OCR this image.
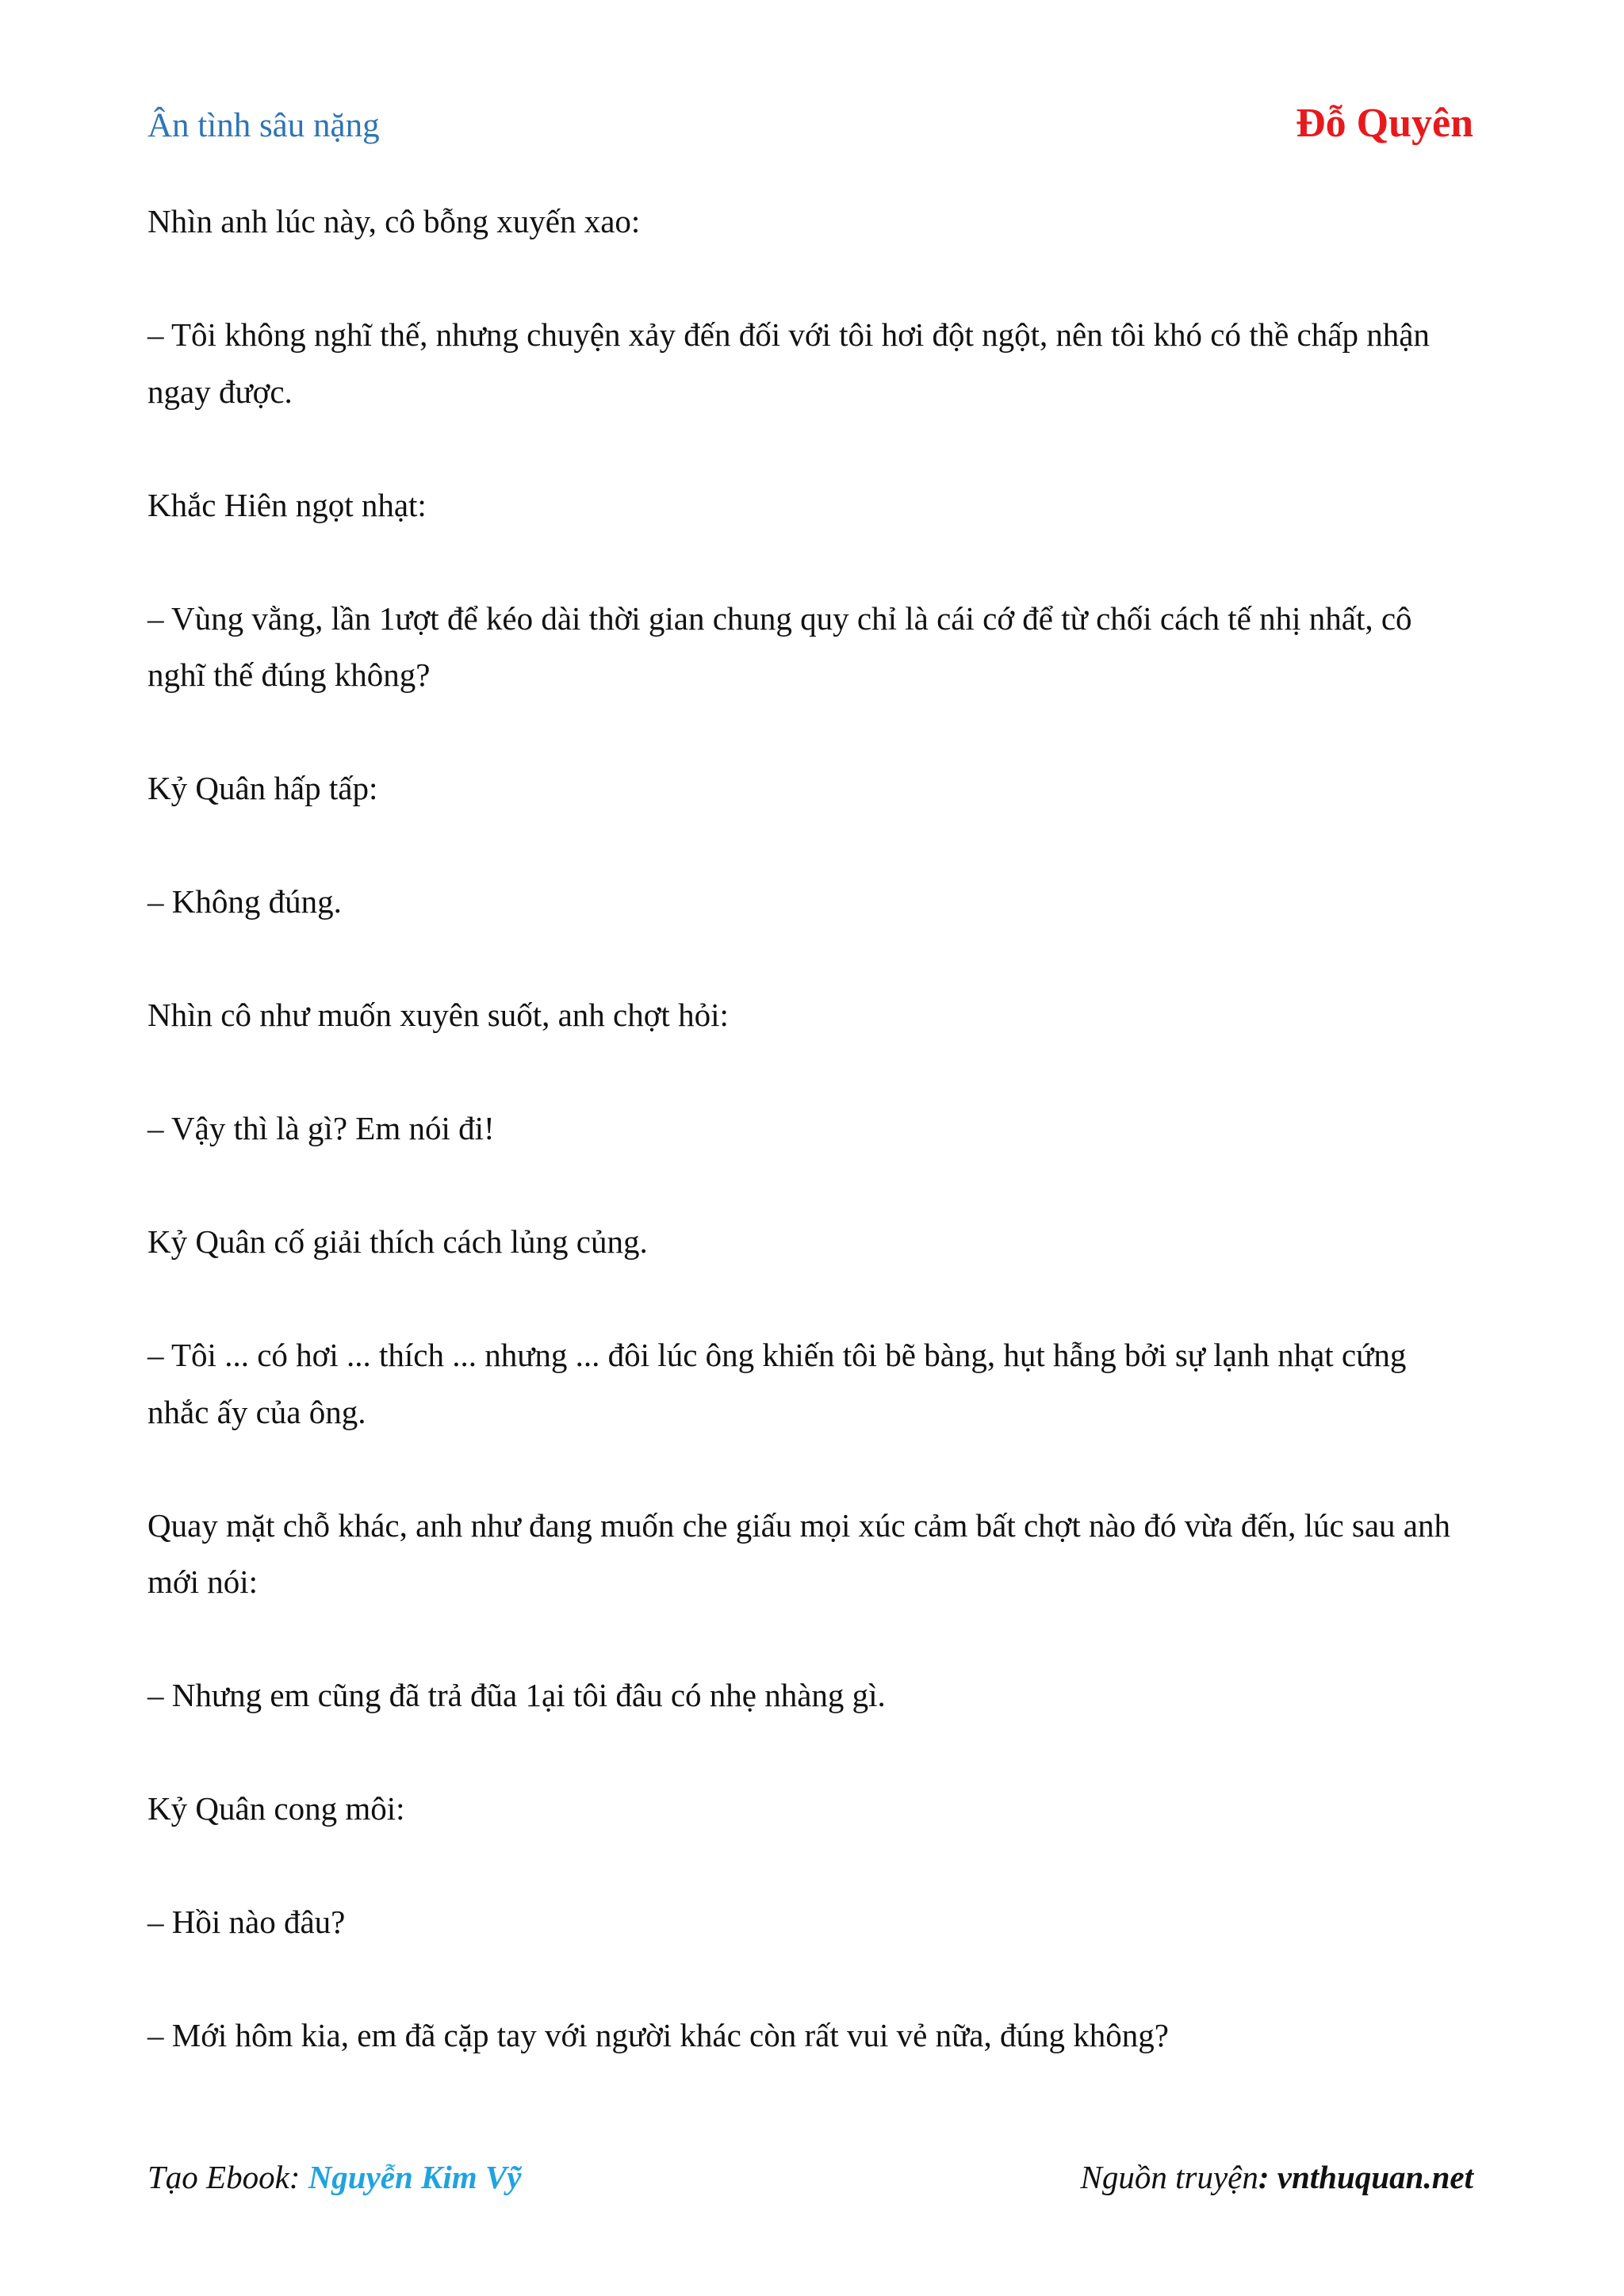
Ân tình sâu nặng	Đỗ Quyên

Nhìn anh lúc này, cô bỗng xuyến xao:

– Tôi không nghĩ thế, nhưng chuyện xảy đến đối với tôi hơi đột ngột, nên tôi khó có thề chấp nhận ngay được.

Khắc Hiên ngọt nhạt:

– Vùng vằng, lần 1ượt để kéo dài thời gian chung quy chỉ là cái cớ để từ chối cách tế nhị nhất, cô nghĩ thế đúng không?

Kỷ Quân hấp tấp:

– Không đúng.

Nhìn cô như muốn xuyên suốt, anh chợt hỏi:

– Vậy thì là gì? Em nói đi!

Kỷ Quân cố giải thích cách lủng củng.

– Tôi ... có hơi ... thích ... nhưng ... đôi lúc ông khiến tôi bẽ bàng, hụt hẫng bởi sự lạnh nhạt cứng nhắc ấy của ông.

Quay mặt chỗ khác, anh như đang muốn che giấu mọi xúc cảm bất chợt nào đó vừa đến, lúc sau anh mới nói:

– Nhưng em cũng đã trả đũa 1ại tôi đâu có nhẹ nhàng gì.

Kỷ Quân cong môi:

– Hồi nào đâu?

– Mới hôm kia, em đã cặp tay với người khác còn rất vui vẻ nữa, đúng không?

Tạo Ebook: Nguyễn Kim Vỹ	Nguồn truyện: vnthuquan.net
